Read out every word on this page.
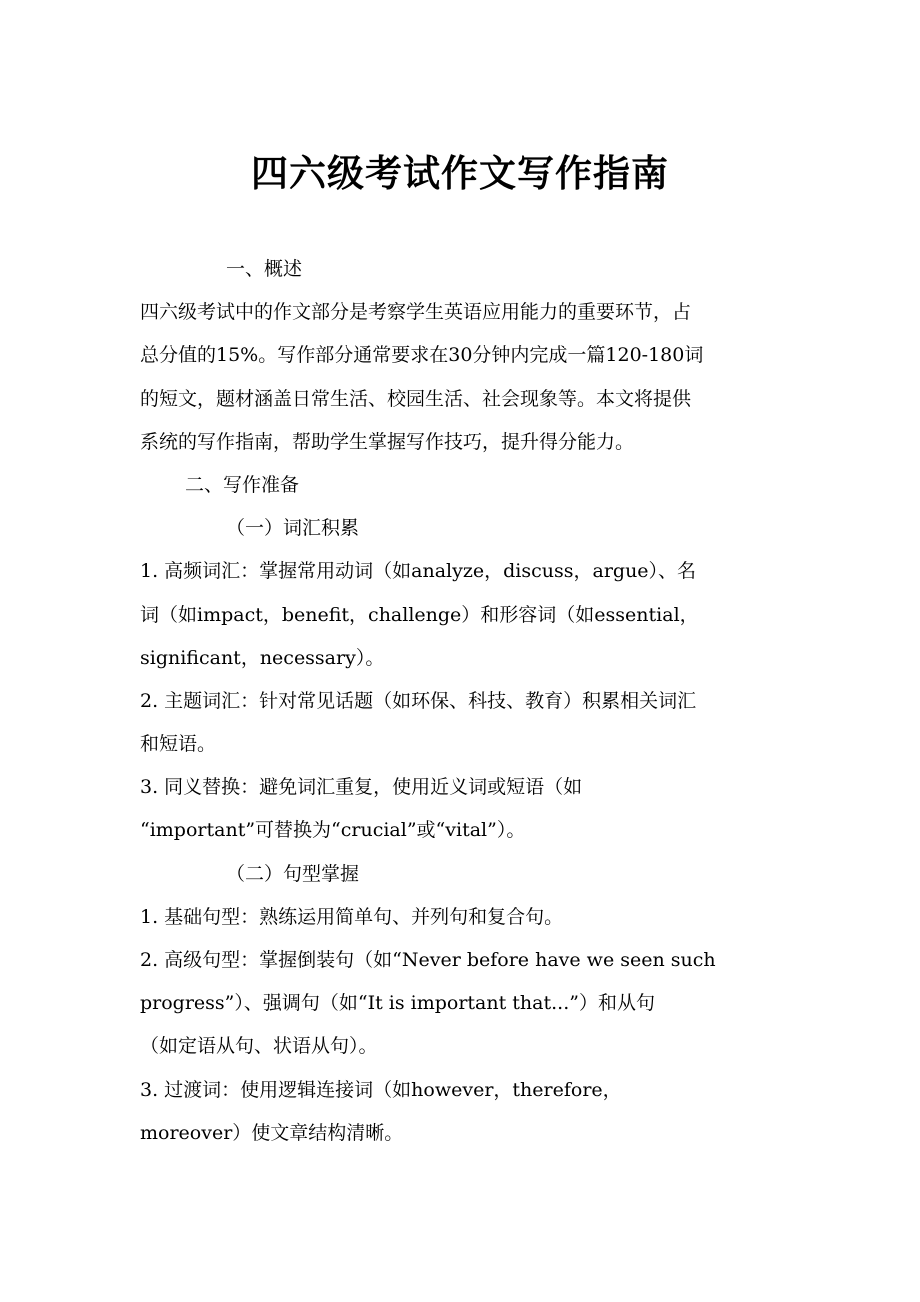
四六级考试作文写作指南
一、概述
四六级考试中的作文部分是考察学生英语应用能力的重要环节，占
总分值的15%。写作部分通常要求在30分钟内完成一篇120-180词
的短文，题材涵盖日常生活、校园生活、社会现象等。本文将提供
系统的写作指南，帮助学生掌握写作技巧，提升得分能力。
二、写作准备
（一）词汇积累
1. 高频词汇：掌握常用动词（如analyze，discuss，argue）、名
词（如impact，benefit，challenge）和形容词（如essential，
significant，necessary）。
2. 主题词汇：针对常见话题（如环保、科技、教育）积累相关词汇
和短语。
3. 同义替换：避免词汇重复，使用近义词或短语（如
“important”可替换为“crucial”或“vital”）。
（二）句型掌握
1. 基础句型：熟练运用简单句、并列句和复合句。
2. 高级句型：掌握倒装句（如“Never before have we seen such
progress”）、强调句（如“It is important that...”）和从句
（如定语从句、状语从句）。
3. 过渡词：使用逻辑连接词（如however，therefore，
moreover）使文章结构清晰。
